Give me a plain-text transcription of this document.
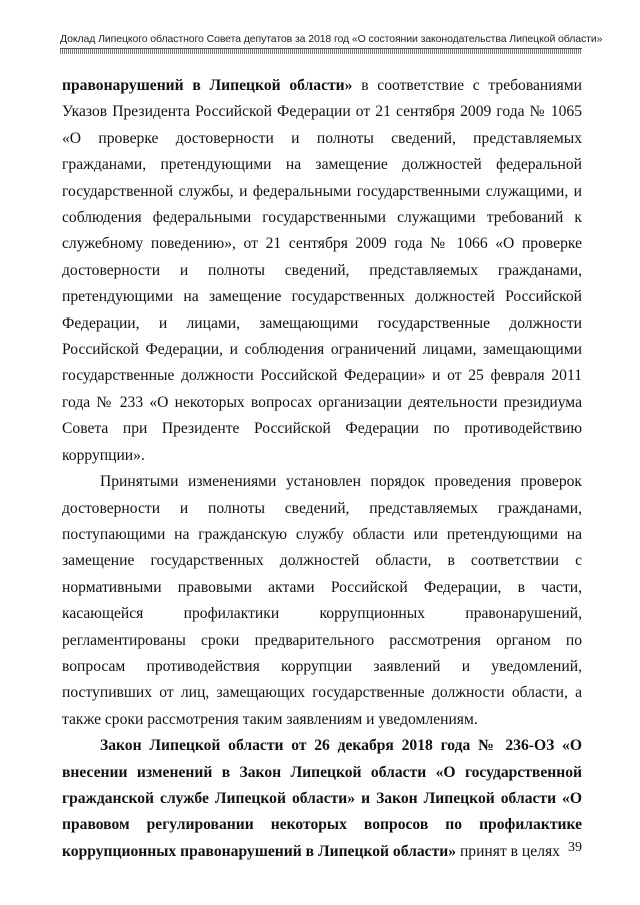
Доклад Липецкого областного Совета депутатов за 2018 год «О состоянии законодательства Липецкой области»

правонарушений в Липецкой области» в соответствие с требованиями Указов Президента Российской Федерации от 21 сентября 2009 года № 1065 «О проверке достоверности и полноты сведений, представляемых гражданами, претендующими на замещение должностей федеральной государственной службы, и федеральными государственными служащими, и соблюдения федеральными государственными служащими требований к служебному поведению», от 21 сентября 2009 года № 1066 «О проверке достоверности и полноты сведений, представляемых гражданами, претендующими на замещение государственных должностей Российской Федерации, и лицами, замещающими государственные должности Российской Федерации, и соблюдения ограничений лицами, замещающими государственные должности Российской Федерации» и от 25 февраля 2011 года № 233 «О некоторых вопросах организации деятельности президиума Совета при Президенте Российской Федерации по противодействию коррупции».

Принятыми изменениями установлен порядок проведения проверок достоверности и полноты сведений, представляемых гражданами, поступающими на гражданскую службу области или претендующими на замещение государственных должностей области, в соответствии с нормативными правовыми актами Российской Федерации, в части, касающейся профилактики коррупционных правонарушений, регламентированы сроки предварительного рассмотрения органом по вопросам противодействия коррупции заявлений и уведомлений, поступивших от лиц, замещающих государственные должности области, а также сроки рассмотрения таким заявлениям и уведомлениям.

Закон Липецкой области от 26 декабря 2018 года № 236-ОЗ «О внесении изменений в Закон Липецкой области «О государственной гражданской службе Липецкой области» и Закон Липецкой области «О правовом регулировании некоторых вопросов по профилактике коррупционных правонарушений в Липецкой области» принят в целях 39
